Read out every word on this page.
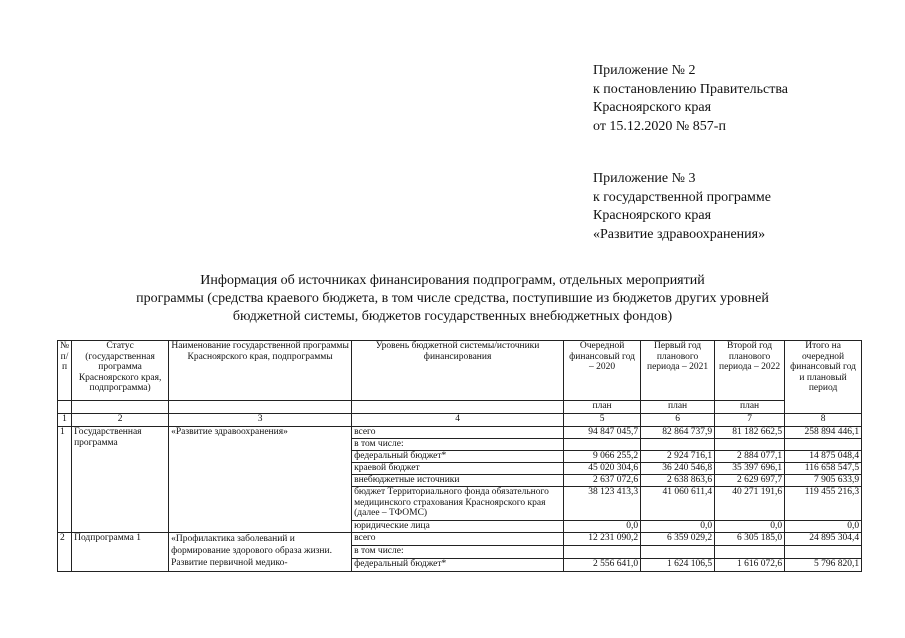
Приложение № 2
к постановлению Правительства
Красноярского края
от 15.12.2020 № 857-п
Приложение № 3
к государственной программе
Красноярского края
«Развитие здравоохранения»
Информация об источниках финансирования подпрограмм, отдельных мероприятий
программы (средства краевого бюджета, в том числе средства, поступившие из бюджетов других уровней
бюджетной системы, бюджетов государственных внебюджетных фондов)
№ п/п	Статус (государственная программа Красноярского края, подпрограмма)	Наименование государственной программы Красноярского края, подпрограммы	Уровень бюджетной системы/источники финансирования	Очередной финансовый год – 2020	Первый год планового периода – 2021	Второй год планового периода – 2022	Итого на очередной финансовый год и плановый период
				план	план	план	
1	2	3	4	5	6	7	8
1	Государственная программа	«Развитие здравоохранения»	всего	94 847 045,7	82 864 737,9	81 182 662,5	258 894 446,1
			в том числе:				
			федеральный бюджет*	9 066 255,2	2 924 716,1	2 884 077,1	14 875 048,4
			краевой бюджет	45 020 304,6	36 240 546,8	35 397 696,1	116 658 547,5
			внебюджетные источники	2 637 072,6	2 638 863,6	2 629 697,7	7 905 633,9
			бюджет Территориального фонда обязательного медицинского страхования Красноярского края (далее – ТФОМС)	38 123 413,3	41 060 611,4	40 271 191,6	119 455 216,3
			юридические лица	0,0	0,0	0,0	0,0
2	Подпрограмма 1	«Профилактика заболеваний и формирование здорового образа жизни. Развитие первичной медико-	всего	12 231 090,2	6 359 029,2	6 305 185,0	24 895 304,4
			в том числе:				
			федеральный бюджет*	2 556 641,0	1 624 106,5	1 616 072,6	5 796 820,1
